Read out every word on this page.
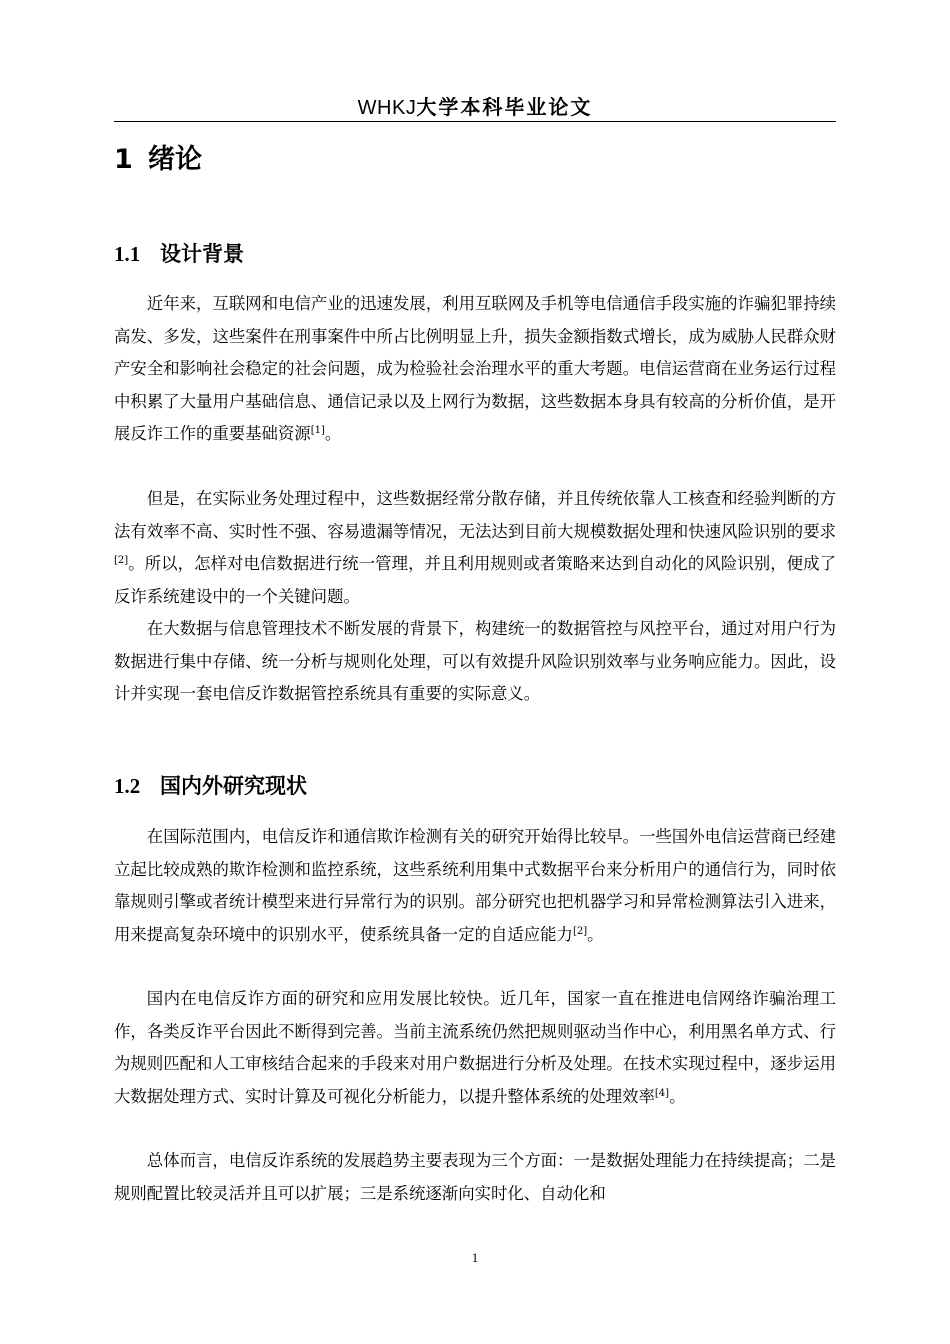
WHKJ大学本科毕业论文
1 绪论
1.1 设计背景

近年来，互联网和电信产业的迅速发展，利用互联网及手机等电信通信手段实施的诈骗犯罪持续高发、多发，这些案件在刑事案件中所占比例明显上升，损失金额指数式增长，成为威胁人民群众财产安全和影响社会稳定的社会问题，成为检验社会治理水平的重大考题。电信运营商在业务运行过程中积累了大量用户基础信息、通信记录以及上网行为数据，这些数据本身具有较高的分析价值，是开展反诈工作的重要基础资源[1]。

但是，在实际业务处理过程中，这些数据经常分散存储，并且传统依靠人工核查和经验判断的方法有效率不高、实时性不强、容易遗漏等情况，无法达到目前大规模数据处理和快速风险识别的要求[2]。所以，怎样对电信数据进行统一管理，并且利用规则或者策略来达到自动化的风险识别，便成了反诈系统建设中的一个关键问题。

在大数据与信息管理技术不断发展的背景下，构建统一的数据管控与风控平台，通过对用户行为数据进行集中存储、统一分析与规则化处理，可以有效提升风险识别效率与业务响应能力。因此，设计并实现一套电信反诈数据管控系统具有重要的实际意义。

1.2 国内外研究现状

在国际范围内，电信反诈和通信欺诈检测有关的研究开始得比较早。一些国外电信运营商已经建立起比较成熟的欺诈检测和监控系统，这些系统利用集中式数据平台来分析用户的通信行为，同时依靠规则引擎或者统计模型来进行异常行为的识别。部分研究也把机器学习和异常检测算法引入进来，用来提高复杂环境中的识别水平，使系统具备一定的自适应能力[2]。

国内在电信反诈方面的研究和应用发展比较快。近几年，国家一直在推进电信网络诈骗治理工作，各类反诈平台因此不断得到完善。当前主流系统仍然把规则驱动当作中心，利用黑名单方式、行为规则匹配和人工审核结合起来的手段来对用户数据进行分析及处理。在技术实现过程中，逐步运用大数据处理方式、实时计算及可视化分析能力，以提升整体系统的处理效率[4]。

总体而言，电信反诈系统的发展趋势主要表现为三个方面：一是数据处理能力在持续提高；二是规则配置比较灵活并且可以扩展；三是系统逐渐向实时化、自动化和

1
